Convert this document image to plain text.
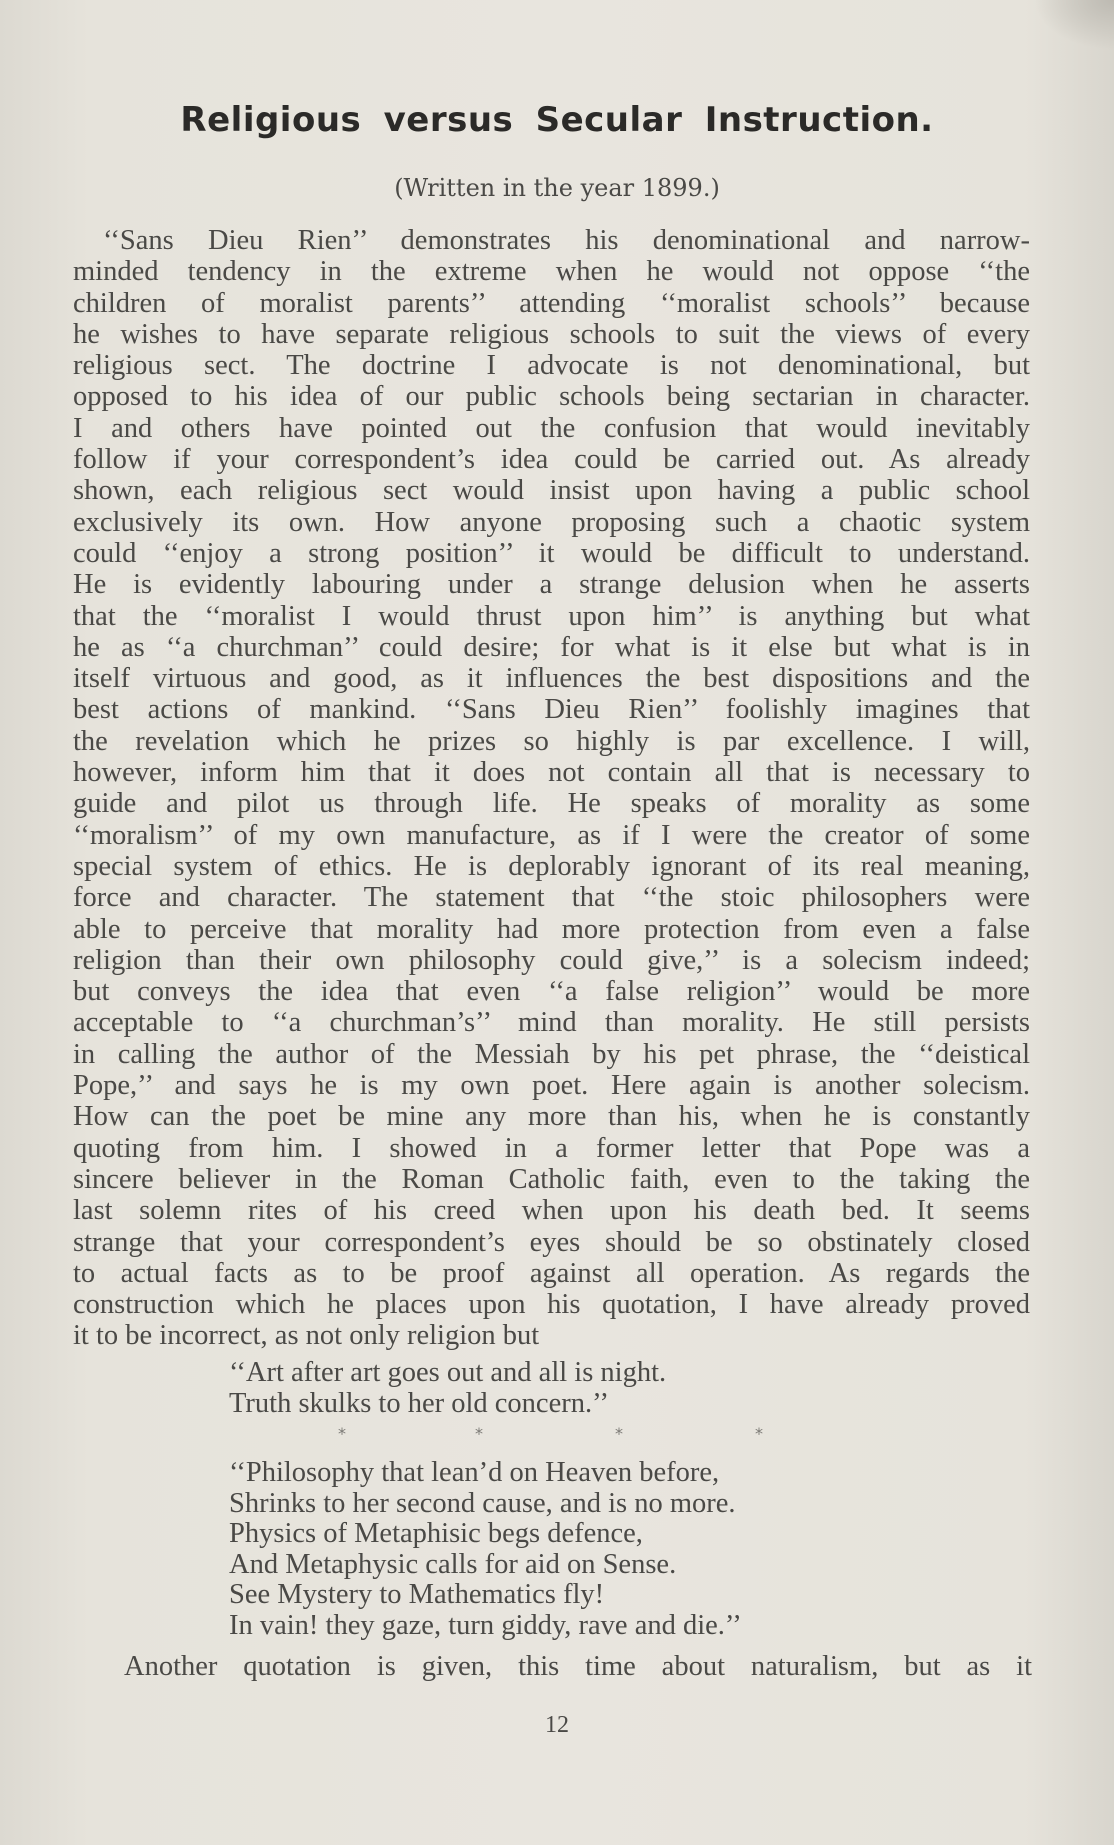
Religious versus Secular Instruction.
(Written in the year 1899.)
‘‘Sans Dieu Rien’’ demonstrates his denominational and narrow-
minded tendency in the extreme when he would not oppose ‘‘the
children of moralist parents’’ attending ‘‘moralist schools’’ because
he wishes to have separate religious schools to suit the views of every
religious sect. The doctrine I advocate is not denominational, but
opposed to his idea of our public schools being sectarian in character.
I and others have pointed out the confusion that would inevitably
follow if your correspondent’s idea could be carried out. As already
shown, each religious sect would insist upon having a public school
exclusively its own. How anyone proposing such a chaotic system
could ‘‘enjoy a strong position’’ it would be difficult to understand.
He is evidently labouring under a strange delusion when he asserts
that the ‘‘moralist I would thrust upon him’’ is anything but what
he as ‘‘a churchman’’ could desire; for what is it else but what is in
itself virtuous and good, as it influences the best dispositions and the
best actions of mankind. ‘‘Sans Dieu Rien’’ foolishly imagines that
the revelation which he prizes so highly is par excellence. I will,
however, inform him that it does not contain all that is necessary to
guide and pilot us through life. He speaks of morality as some
‘‘moralism’’ of my own manufacture, as if I were the creator of some
special system of ethics. He is deplorably ignorant of its real meaning,
force and character. The statement that ‘‘the stoic philosophers were
able to perceive that morality had more protection from even a false
religion than their own philosophy could give,’’ is a solecism indeed;
but conveys the idea that even ‘‘a false religion’’ would be more
acceptable to ‘‘a churchman’s’’ mind than morality. He still persists
in calling the author of the Messiah by his pet phrase, the ‘‘deistical
Pope,’’ and says he is my own poet. Here again is another solecism.
How can the poet be mine any more than his, when he is constantly
quoting from him. I showed in a former letter that Pope was a
sincere believer in the Roman Catholic faith, even to the taking the
last solemn rites of his creed when upon his death bed. It seems
strange that your correspondent’s eyes should be so obstinately closed
to actual facts as to be proof against all operation. As regards the
construction which he places upon his quotation, I have already proved
it to be incorrect, as not only religion but
‘‘Art after art goes out and all is night.
Truth skulks to her old concern.’’
*	*	*	*
‘‘Philosophy that lean’d on Heaven before,
Shrinks to her second cause, and is no more.
Physics of Metaphisic begs defence,
And Metaphysic calls for aid on Sense.
See Mystery to Mathematics fly!
In vain! they gaze, turn giddy, rave and die.’’
Another quotation is given, this time about naturalism, but as it
12
